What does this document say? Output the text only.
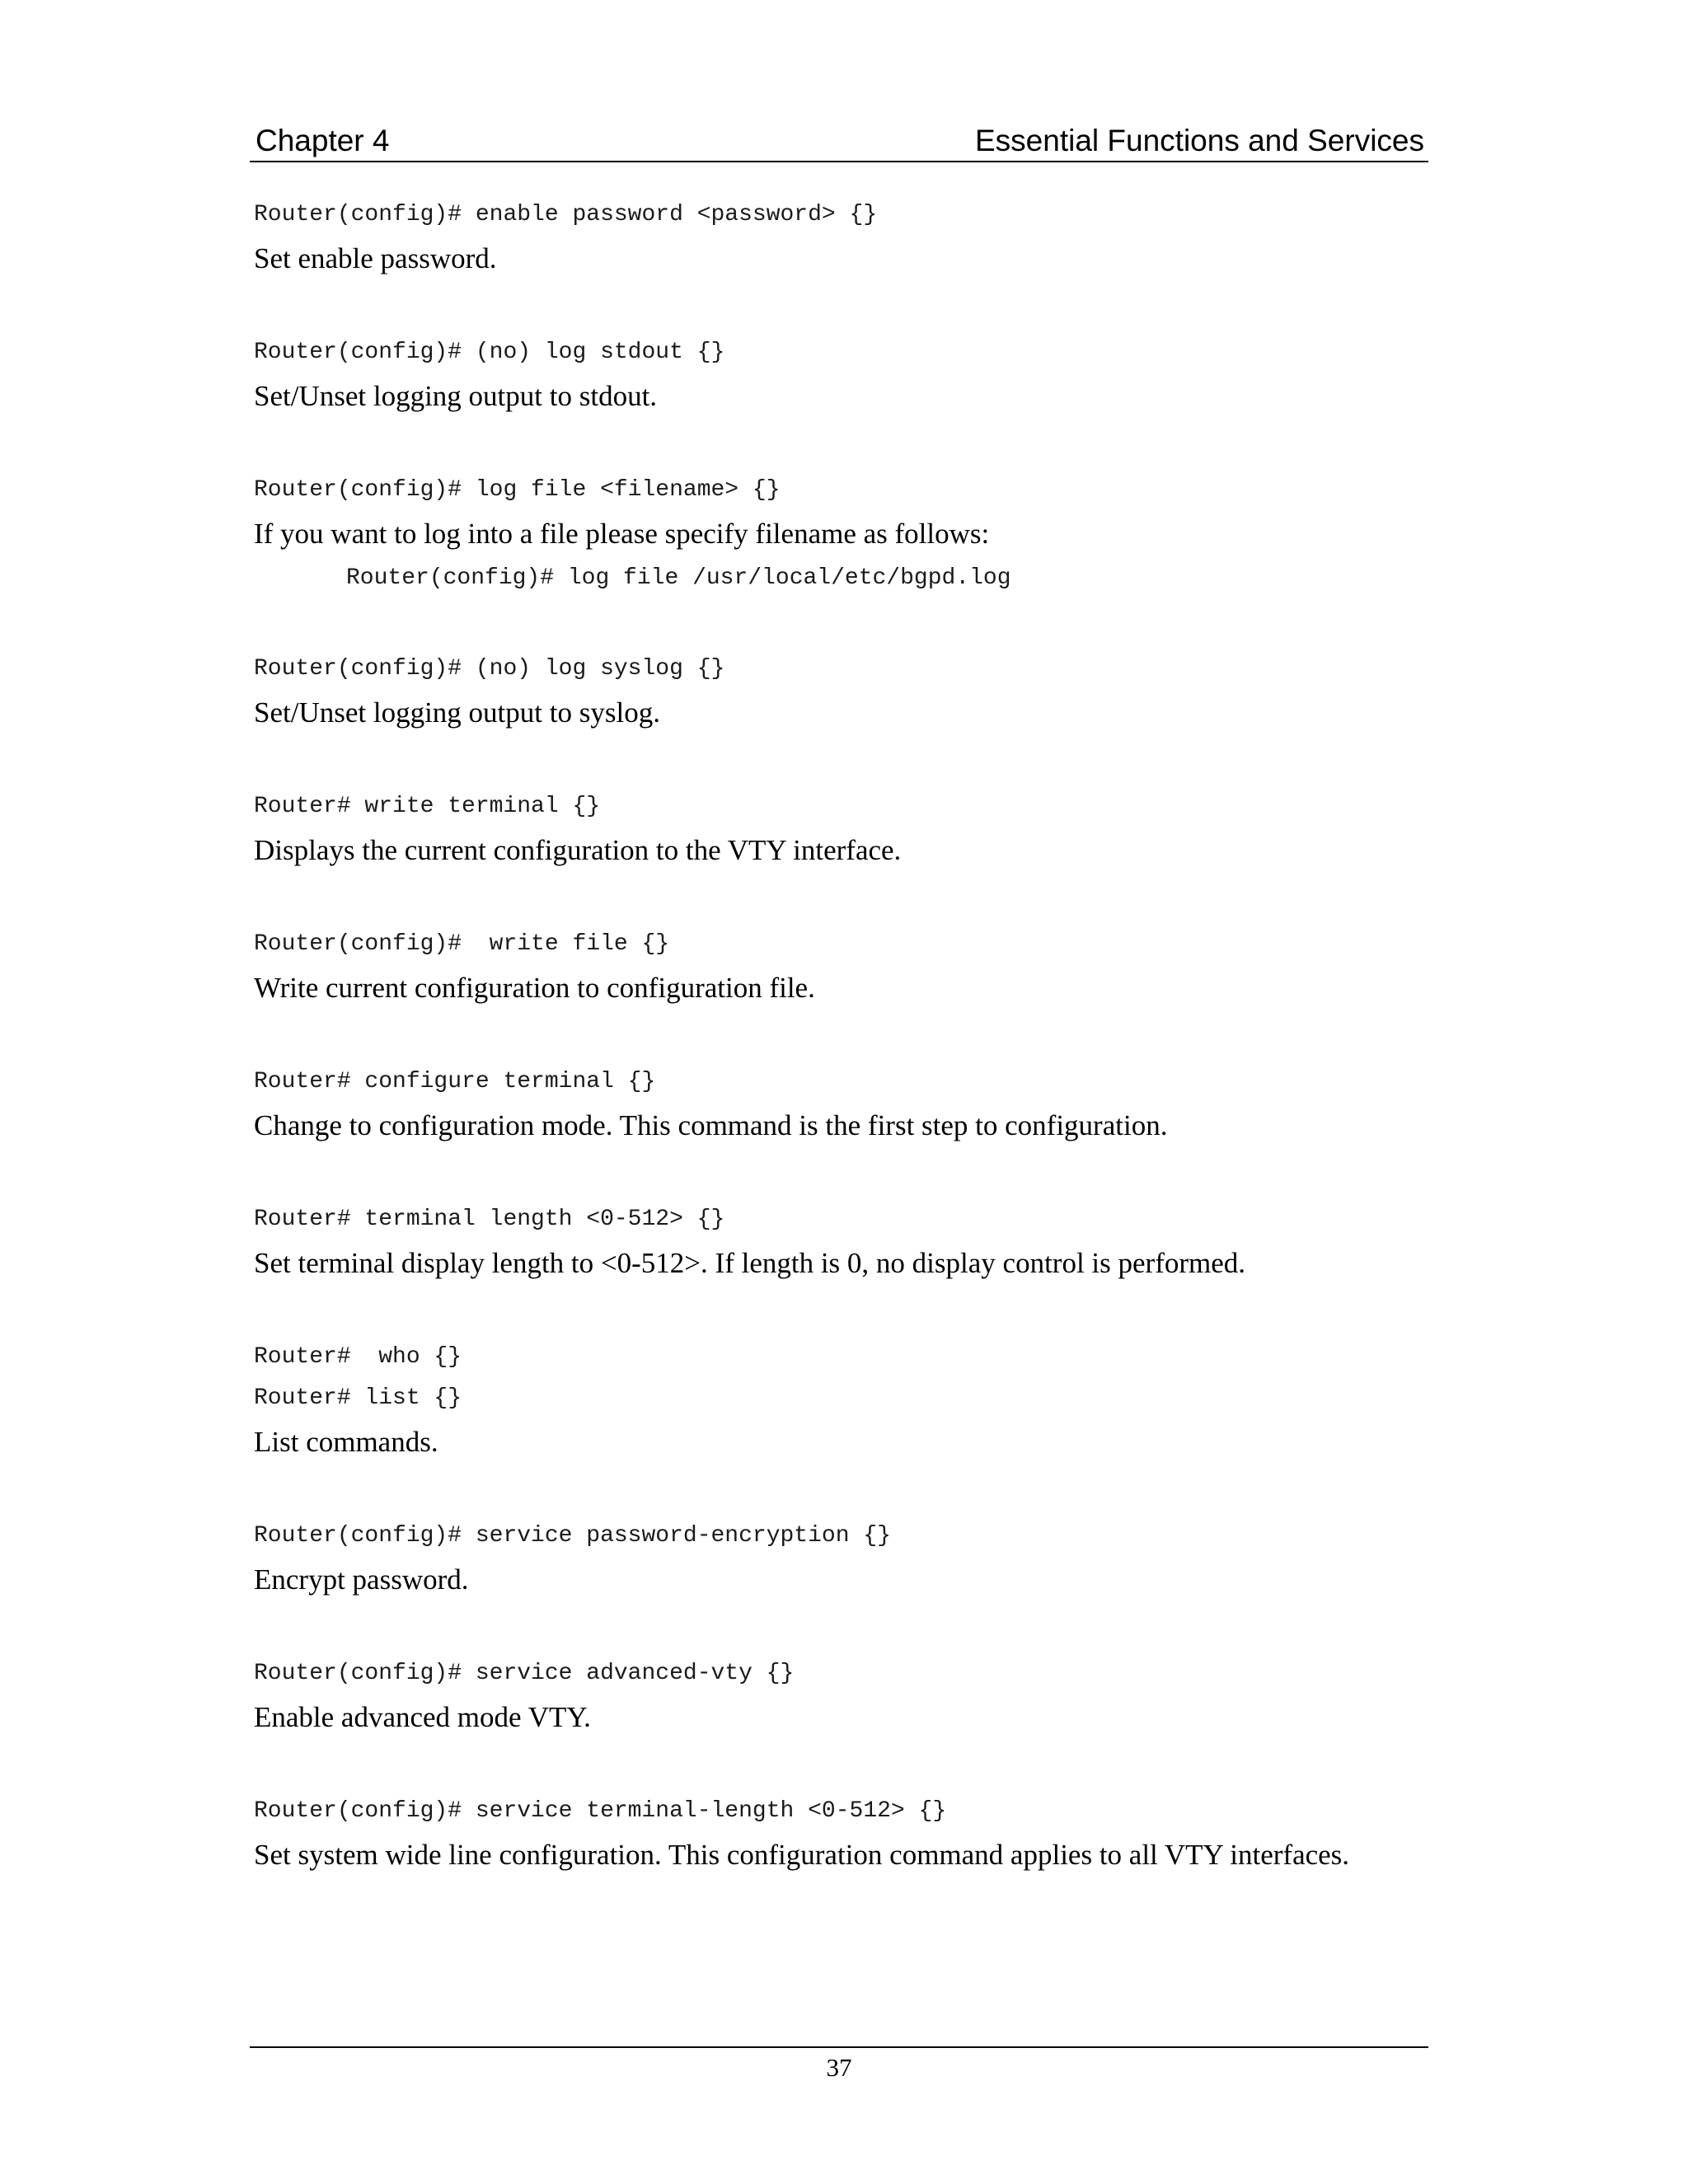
Chapter 4	Essential Functions and Services
Router(config)# enable password <password> {}
Set enable password.
Router(config)# (no) log stdout {}
Set/Unset logging output to stdout.
Router(config)# log file <filename> {}
If you want to log into a file please specify filename as follows:
Router(config)# log file /usr/local/etc/bgpd.log
Router(config)# (no) log syslog {}
Set/Unset logging output to syslog.
Router# write terminal {}
Displays the current configuration to the VTY interface.
Router(config)#  write file {}
Write current configuration to configuration file.
Router# configure terminal {}
Change to configuration mode. This command is the first step to configuration.
Router# terminal length <0-512> {}
Set terminal display length to <0-512>. If length is 0, no display control is performed.
Router#  who {}
Router# list {}
List commands.
Router(config)# service password-encryption {}
Encrypt password.
Router(config)# service advanced-vty {}
Enable advanced mode VTY.
Router(config)# service terminal-length <0-512> {}
Set system wide line configuration. This configuration command applies to all VTY interfaces.
37
